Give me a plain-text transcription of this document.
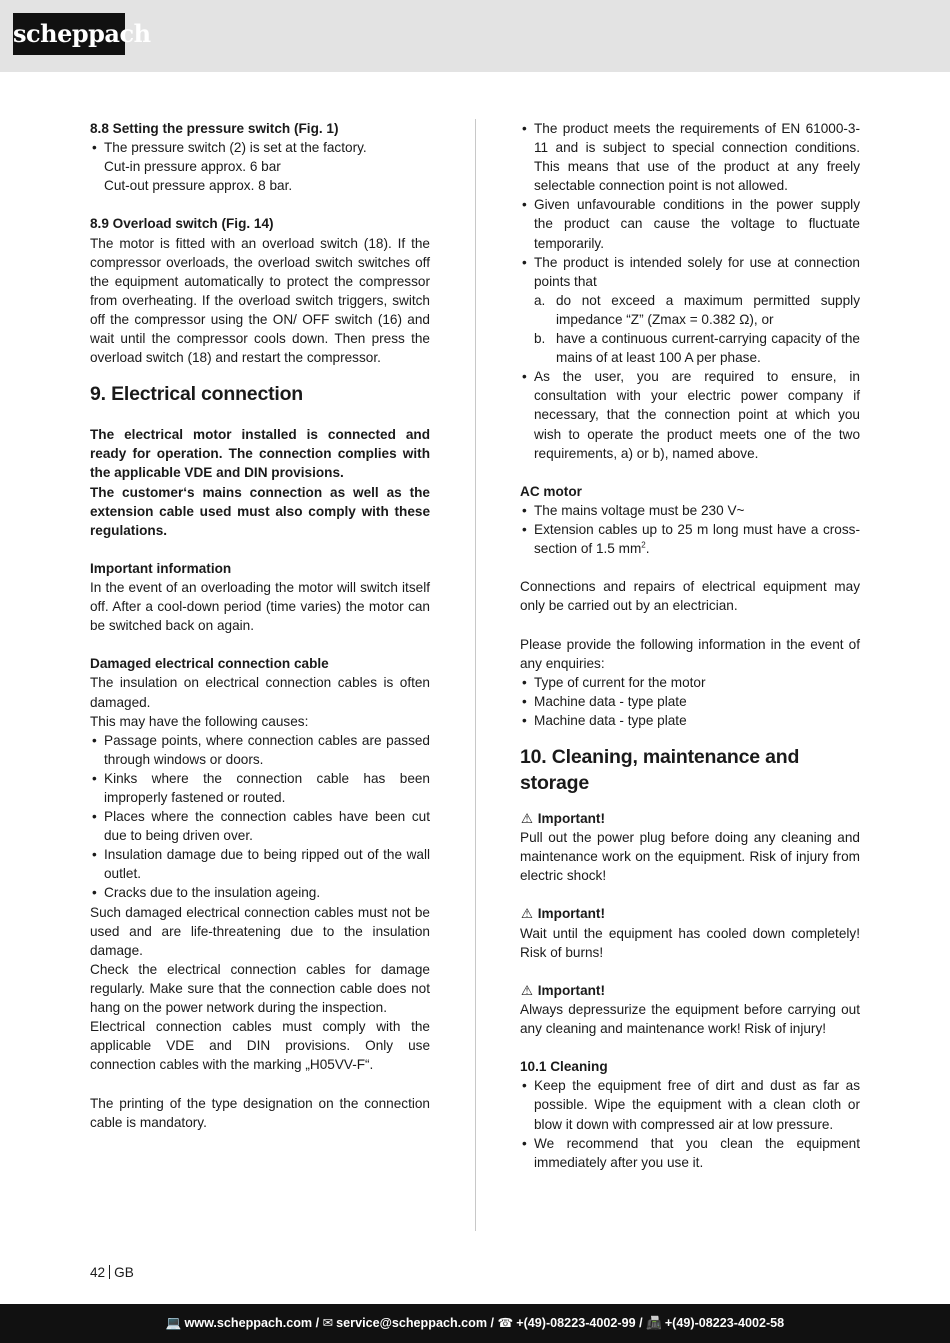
scheppach

8.8 Setting the pressure switch (Fig. 1)

• The pressure switch (2) is set at the factory.

Cut-in pressure approx. 6 bar

Cut-out pressure approx. 8 bar.

8.9 Overload switch (Fig. 14)

The motor is fitted with an overload switch (18). If the compressor overloads, the overload switch switches off the equipment automatically to protect the compressor from overheating. If the overload switch triggers, switch off the compressor using the ON/ OFF switch (16) and wait until the compressor cools down. Then press the overload switch (18) and restart the compressor.

9. Electrical connection

The electrical motor installed is connected and ready for operation. The connection complies with the applicable VDE and DIN provisions.

The customer‘s mains connection as well as the extension cable used must also comply with these regulations.

Important information

In the event of an overloading the motor will switch itself off. After a cool-down period (time varies) the motor can be switched back on again.

Damaged electrical connection cable

The insulation on electrical connection cables is often damaged.

This may have the following causes:

• Passage points, where connection cables are passed through windows or doors.
• Kinks where the connection cable has been improperly fastened or routed.
• Places where the connection cables have been cut due to being driven over.
• Insulation damage due to being ripped out of the wall outlet.
• Cracks due to the insulation ageing.

Such damaged electrical connection cables must not be used and are life-threatening due to the insulation damage.

Check the electrical connection cables for damage regularly. Make sure that the connection cable does not hang on the power network during the inspection.

Electrical connection cables must comply with the applicable VDE and DIN provisions. Only use connection cables with the marking „H05VV-F“.

The printing of the type designation on the connection cable is mandatory.

• The product meets the requirements of EN 61000-3-11 and is subject to special connection conditions. This means that use of the product at any freely selectable connection point is not allowed.
• Given unfavourable conditions in the power supply the product can cause the voltage to fluctuate temporarily.
• The product is intended solely for use at connection points that
a. do not exceed a maximum permitted supply impedance “Z” (Zmax = 0.382 Ω), or
b. have a continuous current-carrying capacity of the mains of at least 100 A per phase.
• As the user, you are required to ensure, in consultation with your electric power company if necessary, that the connection point at which you wish to operate the product meets one of the two requirements, a) or b), named above.

AC motor

• The mains voltage must be 230 V~
• Extension cables up to 25 m long must have a cross-section of 1.5 $mm^2$.

Connections and repairs of electrical equipment may only be carried out by an electrician.

Please provide the following information in the event of any enquiries:

• Type of current for the motor
• Machine data - type plate
• Machine data - type plate
10. Cleaning, maintenance and storage

⚠ Important!

Pull out the power plug before doing any cleaning and maintenance work on the equipment. Risk of injury from electric shock!

⚠ Important!

Wait until the equipment has cooled down completely! Risk of burns!

⚠ Important!

Always depressurize the equipment before carrying out any cleaning and maintenance work! Risk of injury!

10.1 Cleaning

• Keep the equipment free of dirt and dust as far as possible. Wipe the equipment with a clean cloth or blow it down with compressed air at low pressure.
• We recommend that you clean the equipment immediately after you use it.
42 GB
💻 www.scheppach.com / ✉ service@scheppach.com / ☎ +(49)-08223-4002-99 / 📠 +(49)-08223-4002-58
